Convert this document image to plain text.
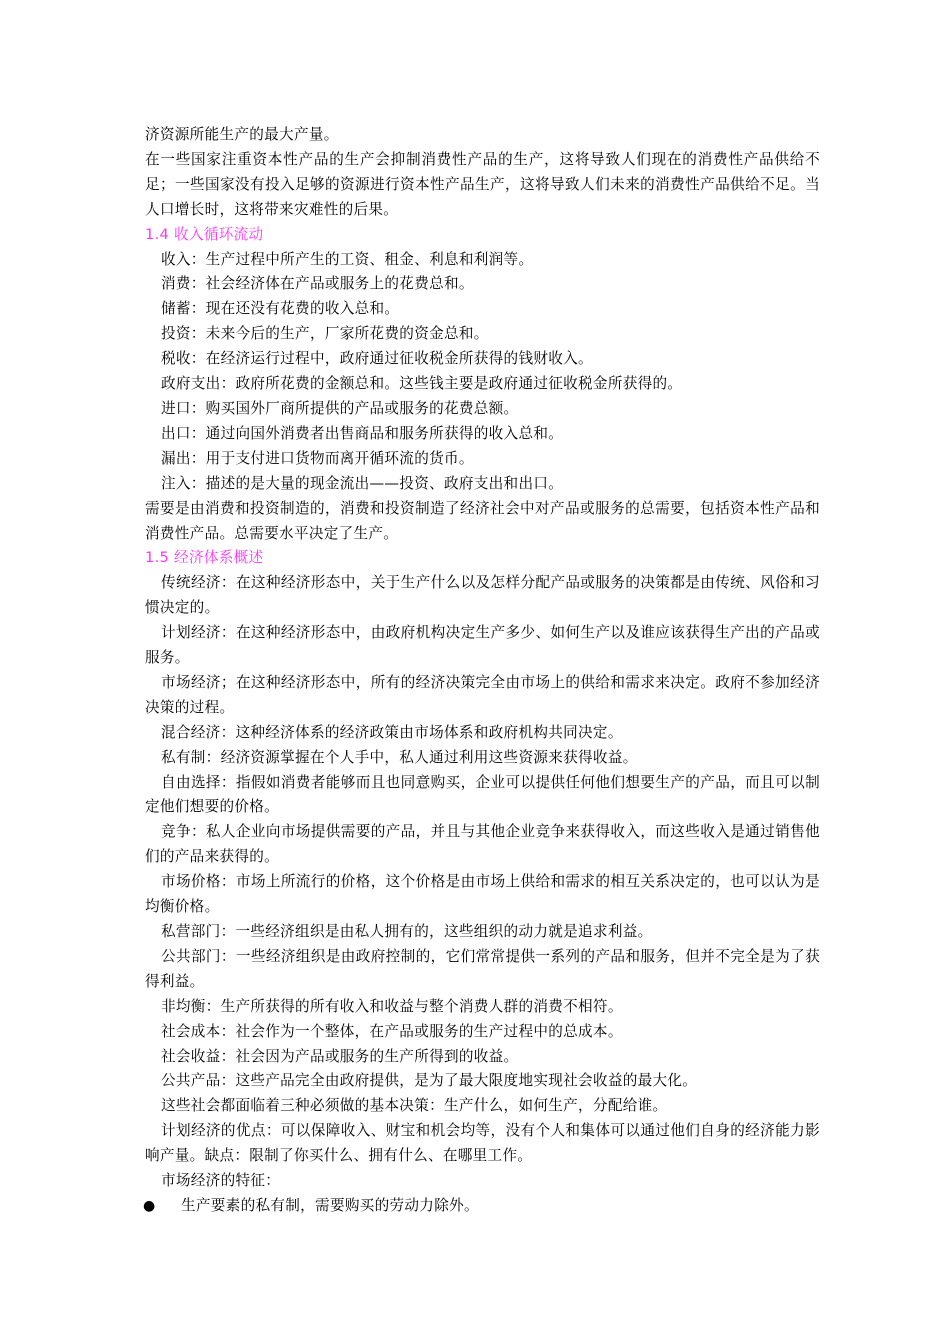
济资源所能生产的最大产量。

在一些国家注重资本性产品的生产会抑制消费性产品的生产，这将导致人们现在的消费性产品供给不足；一些国家没有投入足够的资源进行资本性产品生产，这将导致人们未来的消费性产品供给不足。当人口增长时，这将带来灾难性的后果。

1.4 收入循环流动

收入：生产过程中所产生的工资、租金、利息和利润等。

消费：社会经济体在产品或服务上的花费总和。

储蓄：现在还没有花费的收入总和。

投资：未来今后的生产，厂家所花费的资金总和。

税收：在经济运行过程中，政府通过征收税金所获得的钱财收入。

政府支出：政府所花费的金额总和。这些钱主要是政府通过征收税金所获得的。

进口：购买国外厂商所提供的产品或服务的花费总额。

出口：通过向国外消费者出售商品和服务所获得的收入总和。

漏出：用于支付进口货物而离开循环流的货币。

注入：描述的是大量的现金流出——投资、政府支出和出口。

需要是由消费和投资制造的，消费和投资制造了经济社会中对产品或服务的总需要，包括资本性产品和消费性产品。总需要水平决定了生产。

1.5 经济体系概述

传统经济：在这种经济形态中，关于生产什么以及怎样分配产品或服务的决策都是由传统、风俗和习惯决定的。

计划经济：在这种经济形态中，由政府机构决定生产多少、如何生产以及谁应该获得生产出的产品或服务。

市场经济；在这种经济形态中，所有的经济决策完全由市场上的供给和需求来决定。政府不参加经济决策的过程。

混合经济：这种经济体系的经济政策由市场体系和政府机构共同决定。

私有制：经济资源掌握在个人手中，私人通过利用这些资源来获得收益。

自由选择：指假如消费者能够而且也同意购买，企业可以提供任何他们想要生产的产品，而且可以制定他们想要的价格。

竞争：私人企业向市场提供需要的产品，并且与其他企业竞争来获得收入，而这些收入是通过销售他们的产品来获得的。

市场价格：市场上所流行的价格，这个价格是由市场上供给和需求的相互关系决定的，也可以认为是均衡价格。

私营部门：一些经济组织是由私人拥有的，这些组织的动力就是追求利益。

公共部门：一些经济组织是由政府控制的，它们常常提供一系列的产品和服务，但并不完全是为了获得利益。

非均衡：生产所获得的所有收入和收益与整个消费人群的消费不相符。

社会成本：社会作为一个整体，在产品或服务的生产过程中的总成本。

社会收益：社会因为产品或服务的生产所得到的收益。

公共产品：这些产品完全由政府提供，是为了最大限度地实现社会收益的最大化。

这些社会都面临着三种必须做的基本决策：生产什么，如何生产，分配给谁。

计划经济的优点：可以保障收入、财宝和机会均等，没有个人和集体可以通过他们自身的经济能力影响产量。缺点：限制了你买什么、拥有什么、在哪里工作。

市场经济的特征：

● 生产要素的私有制，需要购买的劳动力除外。
